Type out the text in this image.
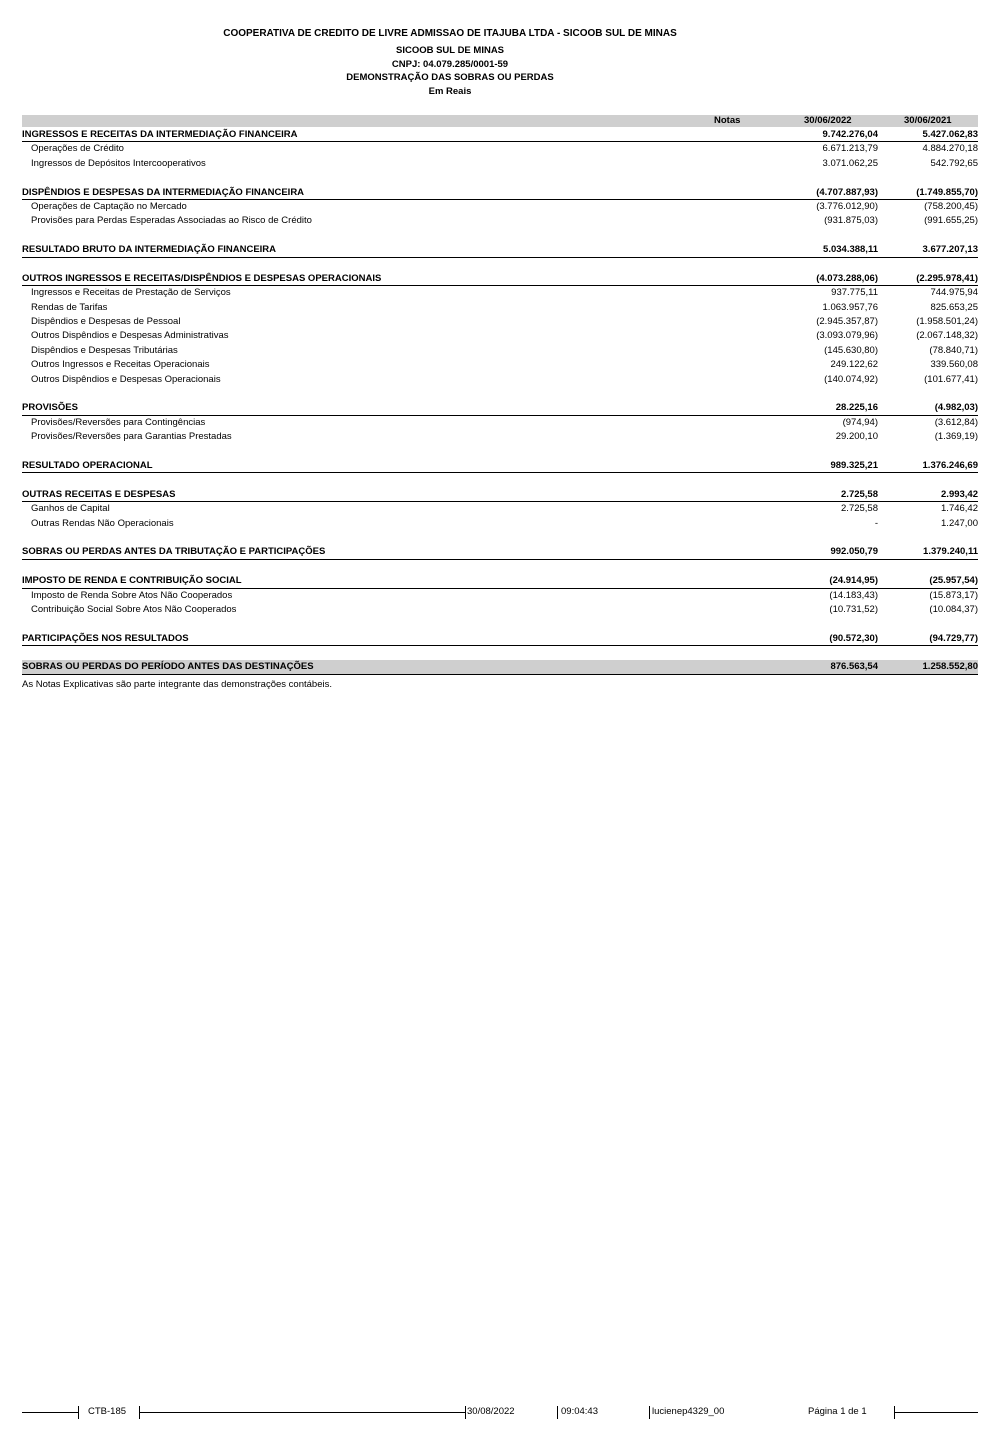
COOPERATIVA DE CREDITO DE LIVRE ADMISSAO DE ITAJUBA LTDA - SICOOB SUL DE MINAS
SICOOB SUL DE MINAS
CNPJ: 04.079.285/0001-59
DEMONSTRAÇÃO DAS SOBRAS OU PERDAS
Em Reais
Notas	30/06/2022	30/06/2021
INGRESSOS E RECEITAS DA INTERMEDIAÇÃO FINANCEIRA	9.742.276,04	5.427.062,83
Operações de Crédito	6.671.213,79	4.884.270,18
Ingressos de Depósitos Intercooperativos	3.071.062,25	542.792,65
DISPÊNDIOS E DESPESAS DA INTERMEDIAÇÃO FINANCEIRA	(4.707.887,93)	(1.749.855,70)
Operações de Captação no Mercado	(3.776.012,90)	(758.200,45)
Provisões para Perdas Esperadas Associadas ao Risco de Crédito	(931.875,03)	(991.655,25)
RESULTADO BRUTO DA INTERMEDIAÇÃO FINANCEIRA	5.034.388,11	3.677.207,13
OUTROS INGRESSOS E RECEITAS/DISPÊNDIOS E DESPESAS OPERACIONAIS	(4.073.288,06)	(2.295.978,41)
Ingressos e Receitas de Prestação de Serviços	937.775,11	744.975,94
Rendas de Tarifas	1.063.957,76	825.653,25
Dispêndios e Despesas de Pessoal	(2.945.357,87)	(1.958.501,24)
Outros Dispêndios e Despesas Administrativas	(3.093.079,96)	(2.067.148,32)
Dispêndios e Despesas Tributárias	(145.630,80)	(78.840,71)
Outros Ingressos e Receitas Operacionais	249.122,62	339.560,08
Outros Dispêndios e Despesas Operacionais	(140.074,92)	(101.677,41)
PROVISÕES	28.225,16	(4.982,03)
Provisões/Reversões para Contingências	(974,94)	(3.612,84)
Provisões/Reversões para Garantias Prestadas	29.200,10	(1.369,19)
RESULTADO OPERACIONAL	989.325,21	1.376.246,69
OUTRAS RECEITAS E DESPESAS	2.725,58	2.993,42
Ganhos de Capital	2.725,58	1.746,42
Outras Rendas Não Operacionais	-	1.247,00
SOBRAS OU PERDAS ANTES DA TRIBUTAÇÃO E PARTICIPAÇÕES	992.050,79	1.379.240,11
IMPOSTO DE RENDA E CONTRIBUIÇÃO SOCIAL	(24.914,95)	(25.957,54)
Imposto de Renda Sobre Atos Não Cooperados	(14.183,43)	(15.873,17)
Contribuição Social Sobre Atos Não Cooperados	(10.731,52)	(10.084,37)
PARTICIPAÇÕES NOS RESULTADOS	(90.572,30)	(94.729,77)
SOBRAS OU PERDAS DO PERÍODO ANTES DAS DESTINAÇÕES	876.563,54	1.258.552,80
As Notas Explicativas são parte integrante das demonstrações contábeis.
CTB-185	30/08/2022	09:04:43	lucienep4329_00	Página 1 de 1
